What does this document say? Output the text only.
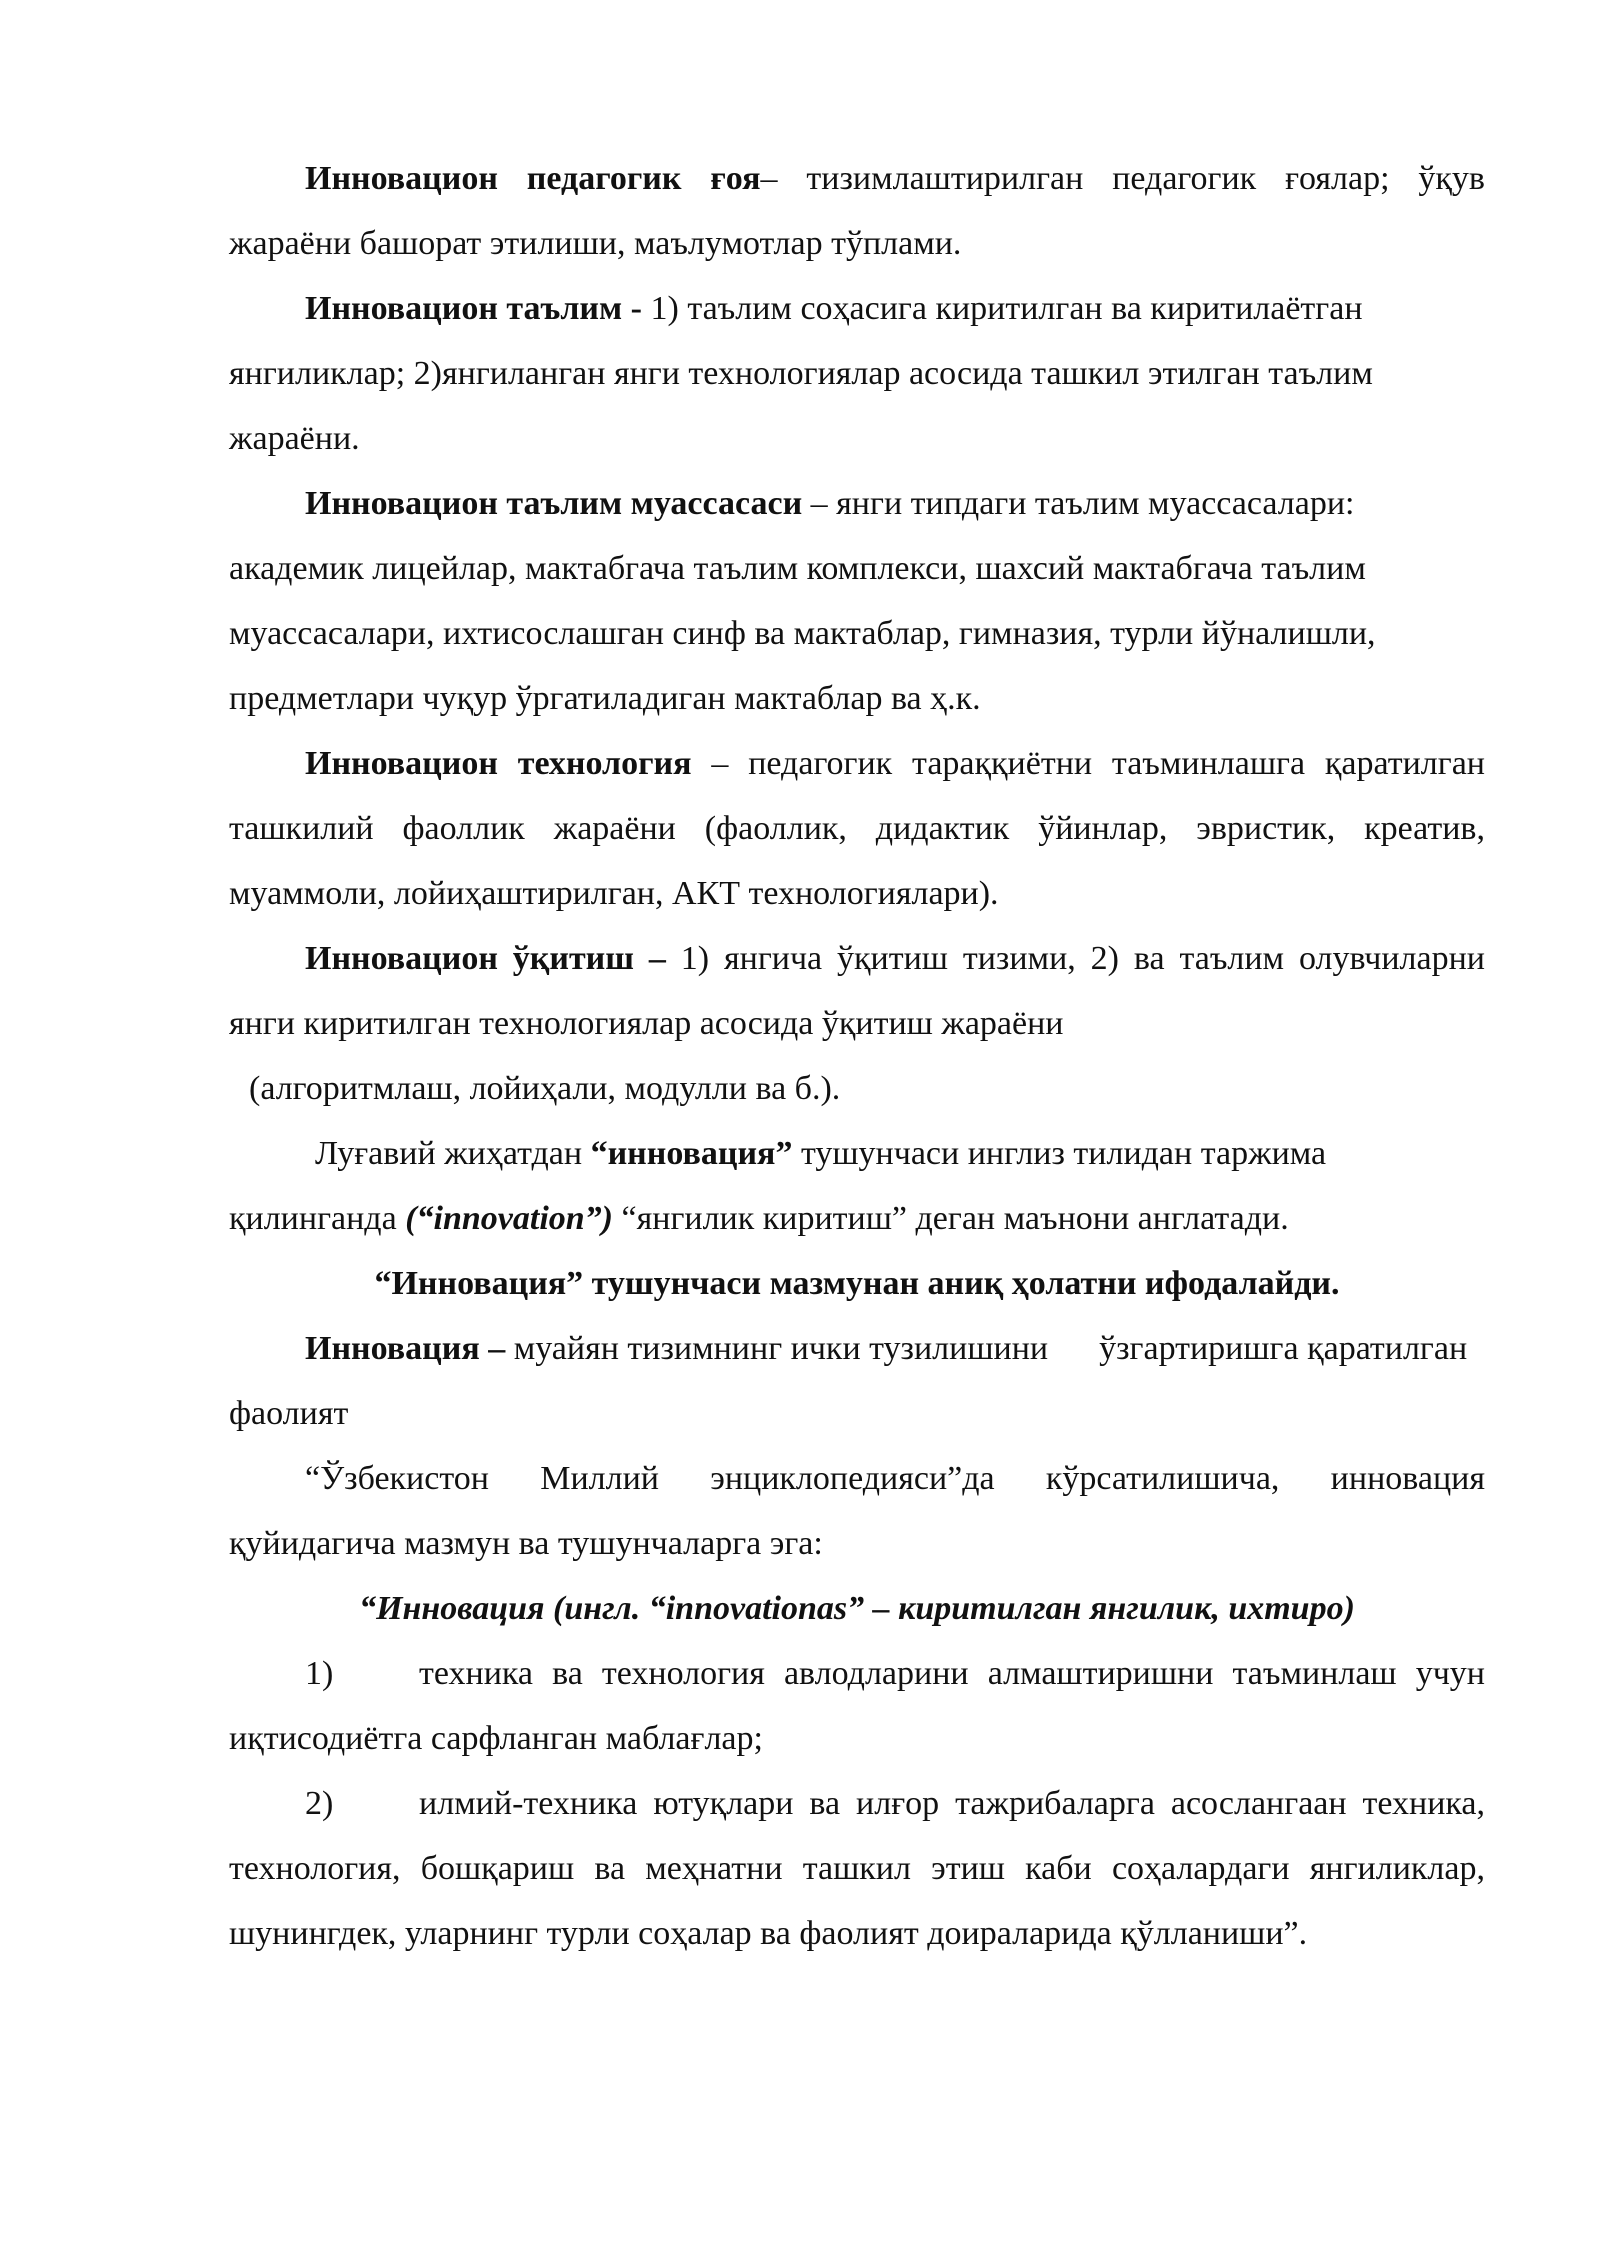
Инновацион педагогик ғоя– тизимлаштирилган педагогик ғоялар; ўқув жараёни башорат этилиши, маълумотлар тўплами.

Инновацион таълим - 1) таълим соҳасига киритилган ва киритилаётган янгиликлар; 2)янгиланган янги технологиялар асосида ташкил этилган таълим жараёни.

Инновацион таълим муассасаси – янги типдаги таълим муассасалари: академик лицейлар, мактабгача таълим комплекси, шахсий мактабгача таълим муассасалари, ихтисослашган синф ва мактаблар, гимназия, турли йўналишли, предметлари чуқур ўргатиладиган мактаблар ва ҳ.к.

Инновацион технология – педагогик тараққиётни таъминлашга қаратилган ташкилий фаоллик жараёни (фаоллик, дидактик ўйинлар, эвристик, креатив, муаммоли, лойиҳаштирилган, АКТ технологиялари).

Инновацион ўқитиш – 1) янгича ўқитиш тизими, 2) ва таълим олувчиларни янги киритилган технологиялар асосида ўқитиш жараёни

(алгоритмлаш, лойиҳали, модулли ва б.).

Луғавий жиҳатдан “инновация” тушунчаси инглиз тилидан таржима қилинганда (“innovation”) “янгилик киритиш” деган маънони англатади.

“Инновация” тушунчаси мазмунан аниқ ҳолатни ифодалайди.

Инновация – муайян тизимнинг ички тузилишини      ўзгартиришга қаратилган фаолият

“Ўзбекистон Миллий энциклопедияси”да кўрсатилишича, инновация қуйидагича мазмун ва тушунчаларга эга:

“Инновация (ингл. “innovationas” – киритилган янгилик, ихтиро)

1)	техника ва технология авлодларини алмаштиришни таъминлаш учун иқтисодиётга сарфланган маблағлар;

2)	илмий-техника ютуқлари ва илғор тажрибаларга асослангаан техника, технология, бошқариш ва меҳнатни ташкил этиш каби соҳалардаги янгиликлар, шунингдек, уларнинг турли соҳалар ва фаолият доираларида қўлланиши”.
